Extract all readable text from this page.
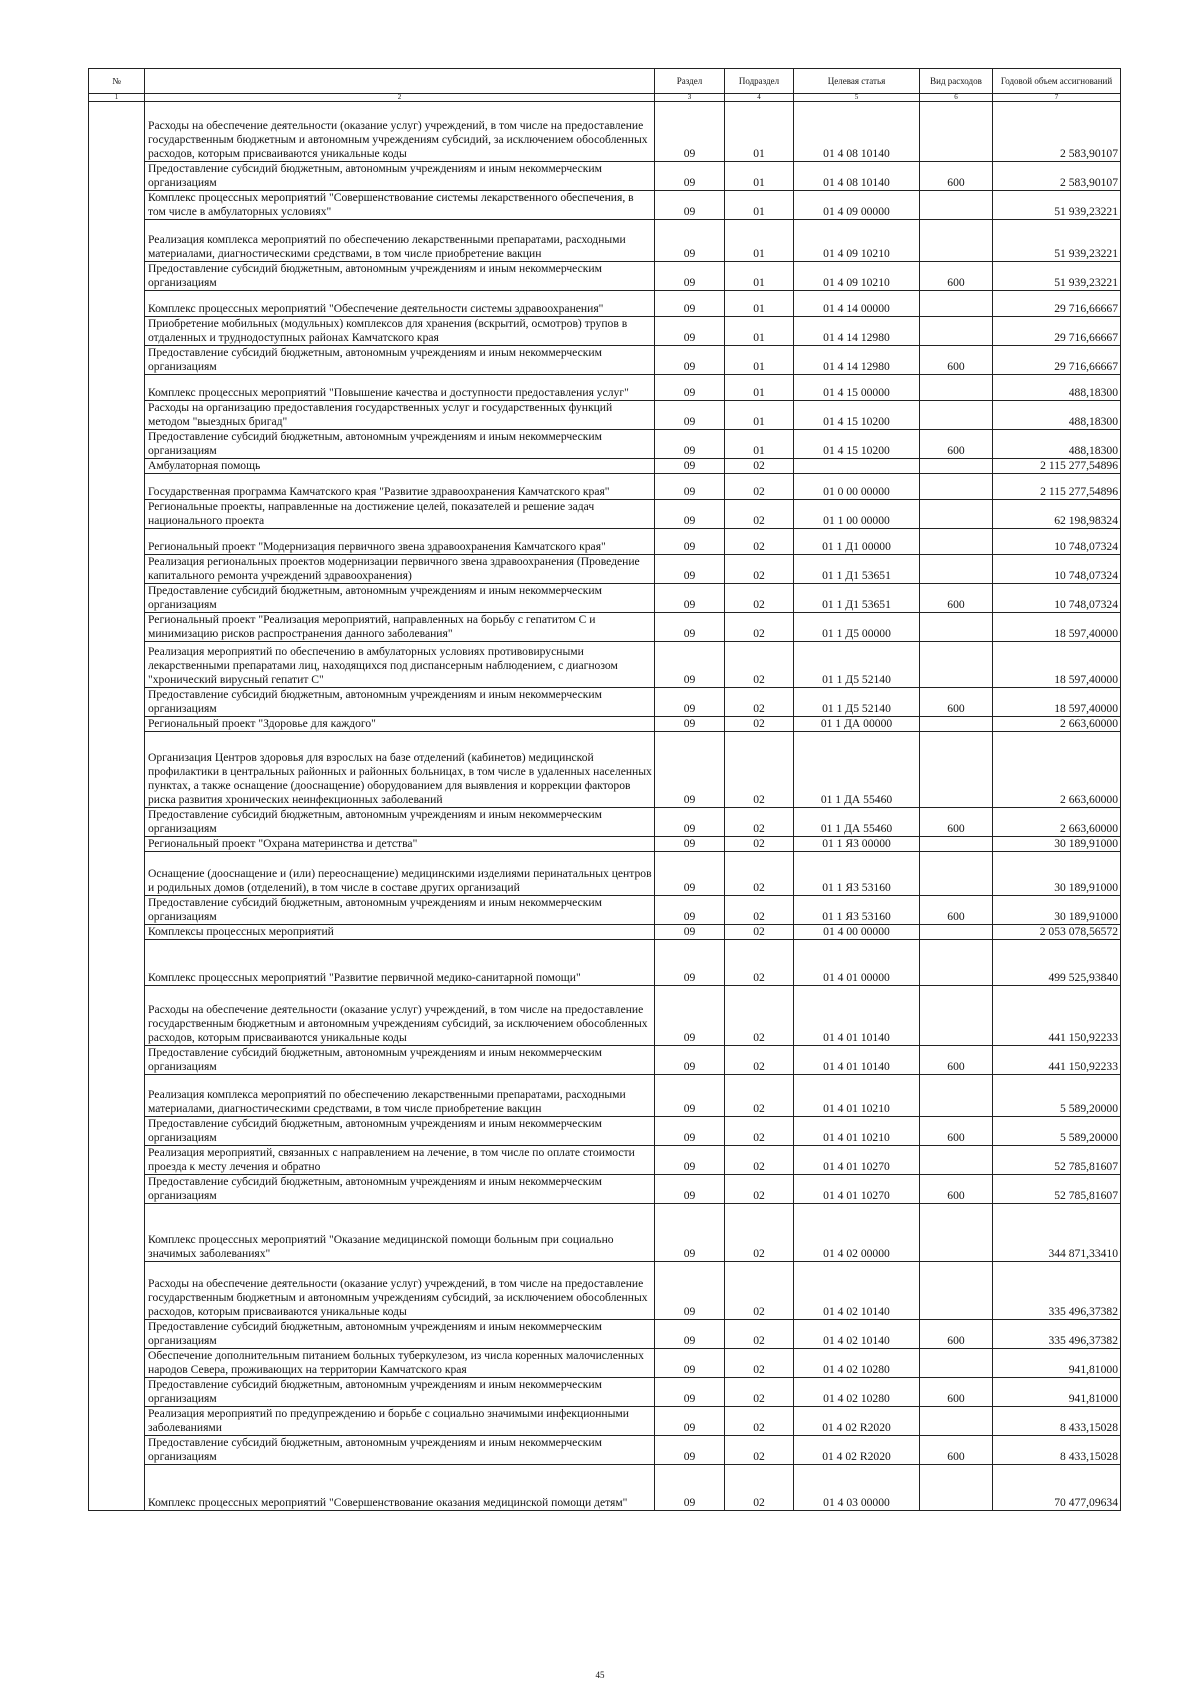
№		Раздел	Подраздел	Целевая статья	Вид расходов	Годовой объем ассигнований
1	2	3	4	5	6	7
	Расходы на обеспечение деятельности (оказание услуг) учреждений, в том числе на предоставление государственным бюджетным и автономным учреждениям субсидий, за исключением обособленных расходов, которым присваиваются уникальные коды	09	01	01 4 08 10140		2 583,90107
	Предоставление субсидий бюджетным, автономным учреждениям и иным некоммерческим организациям	09	01	01 4 08 10140	600	2 583,90107
	Комплекс процессных мероприятий "Совершенствование системы лекарственного обеспечения, в том числе в амбулаторных условиях"	09	01	01 4 09 00000		51 939,23221
	Реализация комплекса мероприятий по обеспечению лекарственными препаратами, расходными материалами, диагностическими средствами, в том числе приобретение вакцин	09	01	01 4 09 10210		51 939,23221
	Предоставление субсидий бюджетным, автономным учреждениям и иным некоммерческим организациям	09	01	01 4 09 10210	600	51 939,23221
	Комплекс процессных мероприятий "Обеспечение деятельности системы здравоохранения"	09	01	01 4 14 00000		29 716,66667
	Приобретение мобильных (модульных) комплексов для хранения (вскрытий, осмотров) трупов в отдаленных и труднодоступных районах Камчатского края	09	01	01 4 14 12980		29 716,66667
	Предоставление субсидий бюджетным, автономным учреждениям и иным некоммерческим организациям	09	01	01 4 14 12980	600	29 716,66667
	Комплекс процессных мероприятий "Повышение качества и доступности предоставления услуг"	09	01	01 4 15 00000		488,18300
	Расходы на организацию предоставления государственных услуг и государственных функций методом "выездных бригад"	09	01	01 4 15 10200		488,18300
	Предоставление субсидий бюджетным, автономным учреждениям и иным некоммерческим организациям	09	01	01 4 15 10200	600	488,18300
	Амбулаторная помощь	09	02			2 115 277,54896
	Государственная программа Камчатского края "Развитие здравоохранения Камчатского края"	09	02	01 0 00 00000		2 115 277,54896
	Региональные проекты, направленные на достижение целей, показателей и решение задач национального проекта	09	02	01 1 00 00000		62 198,98324
	Региональный проект "Модернизация первичного звена здравоохранения Камчатского края"	09	02	01 1 Д1 00000		10 748,07324
	Реализация региональных проектов модернизации первичного звена здравоохранения (Проведение капитального ремонта учреждений здравоохранения)	09	02	01 1 Д1 53651		10 748,07324
	Предоставление субсидий бюджетным, автономным учреждениям и иным некоммерческим организациям	09	02	01 1 Д1 53651	600	10 748,07324
	Региональный проект "Реализация мероприятий, направленных на борьбу с гепатитом С и минимизацию рисков распространения данного заболевания"	09	02	01 1 Д5 00000		18 597,40000
	Реализация мероприятий по обеспечению в амбулаторных условиях противовирусными лекарственными препаратами лиц, находящихся под диспансерным наблюдением, с диагнозом "хронический вирусный гепатит С"	09	02	01 1 Д5 52140		18 597,40000
	Предоставление субсидий бюджетным, автономным учреждениям и иным некоммерческим организациям	09	02	01 1 Д5 52140	600	18 597,40000
	Региональный проект "Здоровье для каждого"	09	02	01 1 ДА 00000		2 663,60000
	Организация Центров здоровья для взрослых на базе отделений (кабинетов) медицинской профилактики в центральных районных и районных больницах, в том числе в удаленных населенных пунктах, а также оснащение (дооснащение) оборудованием для выявления и коррекции факторов риска развития хронических неинфекционных заболеваний	09	02	01 1 ДА 55460		2 663,60000
	Предоставление субсидий бюджетным, автономным учреждениям и иным некоммерческим организациям	09	02	01 1 ДА 55460	600	2 663,60000
	Региональный проект "Охрана материнства и детства"	09	02	01 1 Я3 00000		30 189,91000
	Оснащение (дооснащение и (или) переоснащение) медицинскими изделиями перинатальных центров и родильных домов (отделений), в том числе в составе других организаций	09	02	01 1 Я3 53160		30 189,91000
	Предоставление субсидий бюджетным, автономным учреждениям и иным некоммерческим организациям	09	02	01 1 Я3 53160	600	30 189,91000
	Комплексы процессных мероприятий	09	02	01 4 00 00000		2 053 078,56572
	Комплекс процессных мероприятий "Развитие первичной медико-санитарной помощи"	09	02	01 4 01 00000		499 525,93840
	Расходы на обеспечение деятельности (оказание услуг) учреждений, в том числе на предоставление государственным бюджетным и автономным учреждениям субсидий, за исключением обособленных расходов, которым присваиваются уникальные коды	09	02	01 4 01 10140		441 150,92233
	Предоставление субсидий бюджетным, автономным учреждениям и иным некоммерческим организациям	09	02	01 4 01 10140	600	441 150,92233
	Реализация комплекса мероприятий по обеспечению лекарственными препаратами, расходными материалами, диагностическими средствами, в том числе приобретение вакцин	09	02	01 4 01 10210		5 589,20000
	Предоставление субсидий бюджетным, автономным учреждениям и иным некоммерческим организациям	09	02	01 4 01 10210	600	5 589,20000
	Реализация мероприятий, связанных с направлением на лечение, в том числе по оплате стоимости проезда к месту лечения и обратно	09	02	01 4 01 10270		52 785,81607
	Предоставление субсидий бюджетным, автономным учреждениям и иным некоммерческим организациям	09	02	01 4 01 10270	600	52 785,81607
	Комплекс процессных мероприятий "Оказание медицинской помощи больным при социально значимых заболеваниях"	09	02	01 4 02 00000		344 871,33410
	Расходы на обеспечение деятельности (оказание услуг) учреждений, в том числе на предоставление государственным бюджетным и автономным учреждениям субсидий, за исключением обособленных расходов, которым присваиваются уникальные коды	09	02	01 4 02 10140		335 496,37382
	Предоставление субсидий бюджетным, автономным учреждениям и иным некоммерческим организациям	09	02	01 4 02 10140	600	335 496,37382
	Обеспечение дополнительным питанием больных туберкулезом, из числа коренных малочисленных народов Севера, проживающих на территории Камчатского края	09	02	01 4 02 10280		941,81000
	Предоставление субсидий бюджетным, автономным учреждениям и иным некоммерческим организациям	09	02	01 4 02 10280	600	941,81000
	Реализация мероприятий по предупреждению и борьбе с социально значимыми инфекционными заболеваниями	09	02	01 4 02 R2020		8 433,15028
	Предоставление субсидий бюджетным, автономным учреждениям и иным некоммерческим организациям	09	02	01 4 02 R2020	600	8 433,15028
	Комплекс процессных мероприятий "Совершенствование оказания медицинской помощи детям"	09	02	01 4 03 00000		70 477,09634
45
